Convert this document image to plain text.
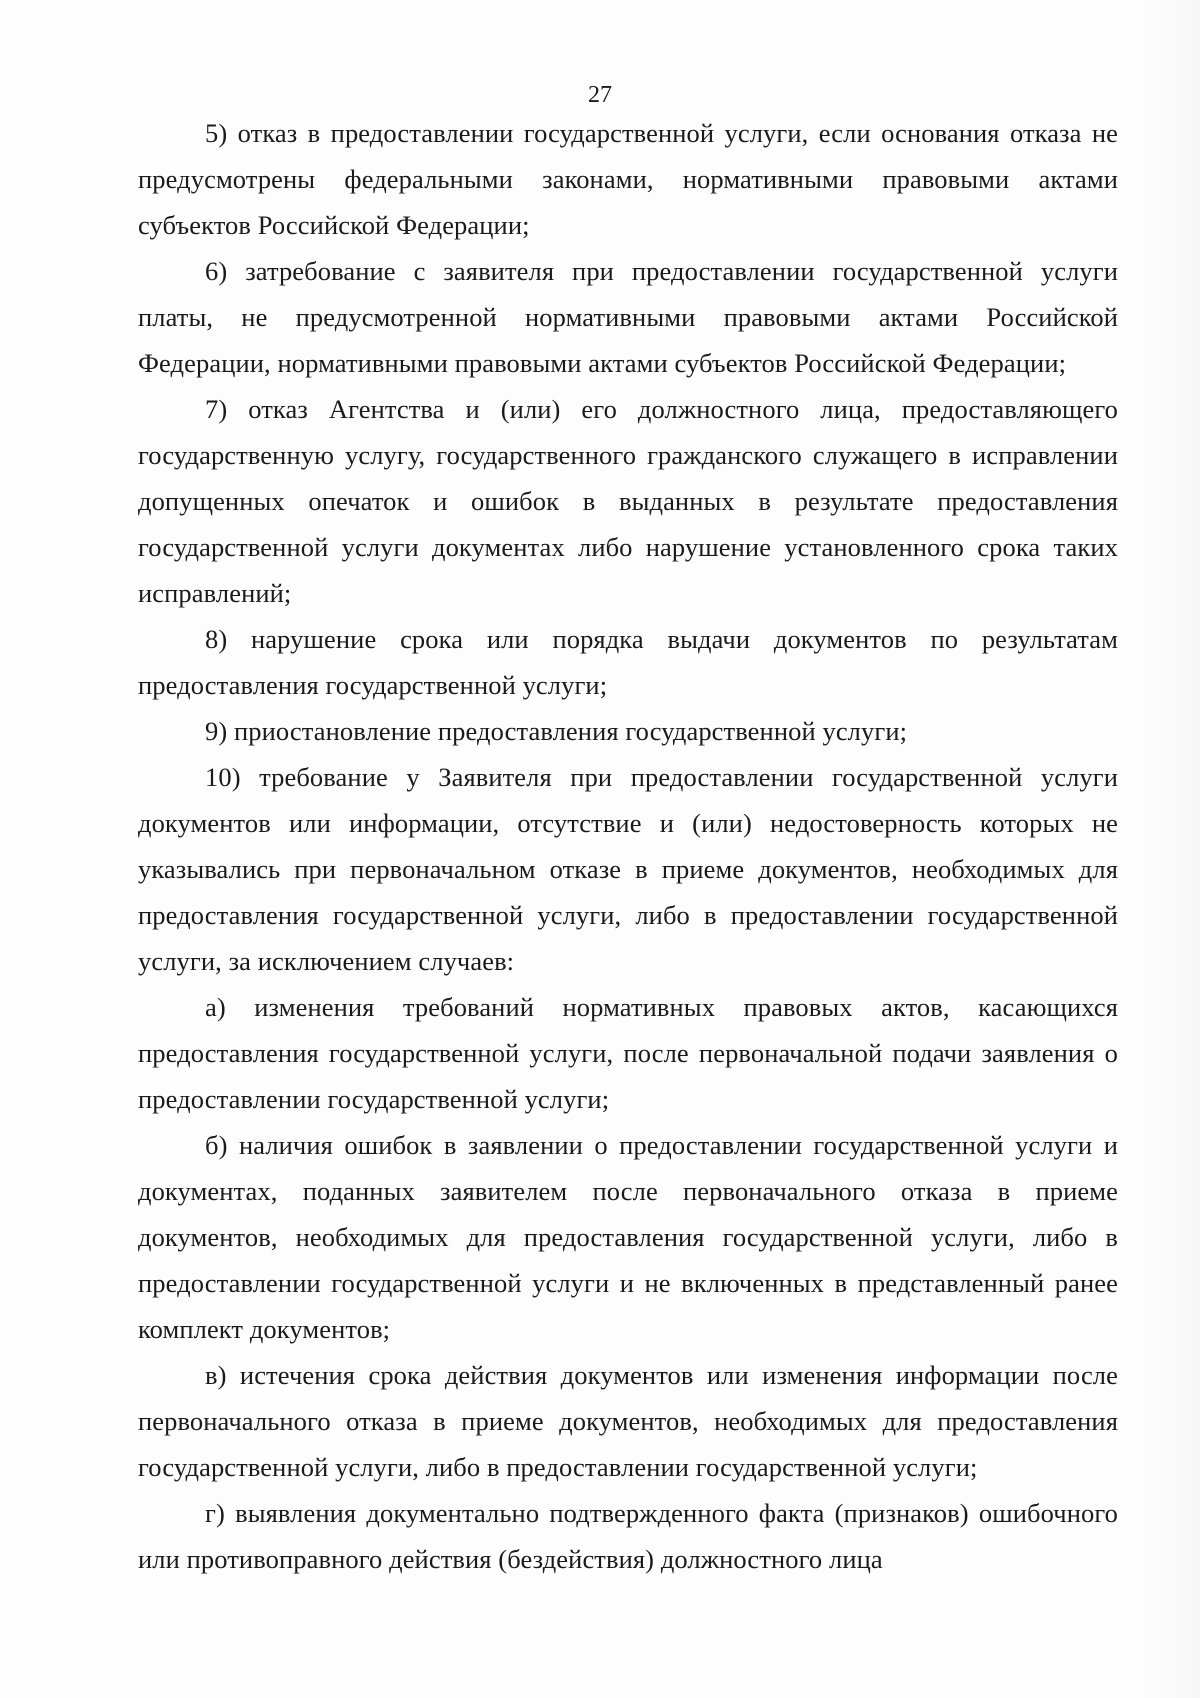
27

5) отказ в предоставлении государственной услуги, если основания отказа не предусмотрены федеральными законами, нормативными правовыми актами субъектов Российской Федерации;

6) затребование с заявителя при предоставлении государственной услуги платы, не предусмотренной нормативными правовыми актами Российской Федерации, нормативными правовыми актами субъектов Российской Федерации;

7) отказ Агентства и (или) его должностного лица, предоставляющего государственную услугу, государственного гражданского служащего в исправлении допущенных опечаток и ошибок в выданных в результате предоставления государственной услуги документах либо нарушение установленного срока таких исправлений;

8) нарушение срока или порядка выдачи документов по результатам предоставления государственной услуги;

9) приостановление предоставления государственной услуги;

10) требование у Заявителя при предоставлении государственной услуги документов или информации, отсутствие и (или) недостоверность которых не указывались при первоначальном отказе в приеме документов, необходимых для предоставления государственной услуги, либо в предоставлении государственной услуги, за исключением случаев:

а) изменения требований нормативных правовых актов, касающихся предоставления государственной услуги, после первоначальной подачи заявления о предоставлении государственной услуги;

б) наличия ошибок в заявлении о предоставлении государственной услуги и документах, поданных заявителем после первоначального отказа в приеме документов, необходимых для предоставления государственной услуги, либо в предоставлении государственной услуги и не включенных в представленный ранее комплект документов;

в) истечения срока действия документов или изменения информации после первоначального отказа в приеме документов, необходимых для предоставления государственной услуги, либо в предоставлении государственной услуги;

г) выявления документально подтвержденного факта (признаков) ошибочного или противоправного действия (бездействия) должностного лица
